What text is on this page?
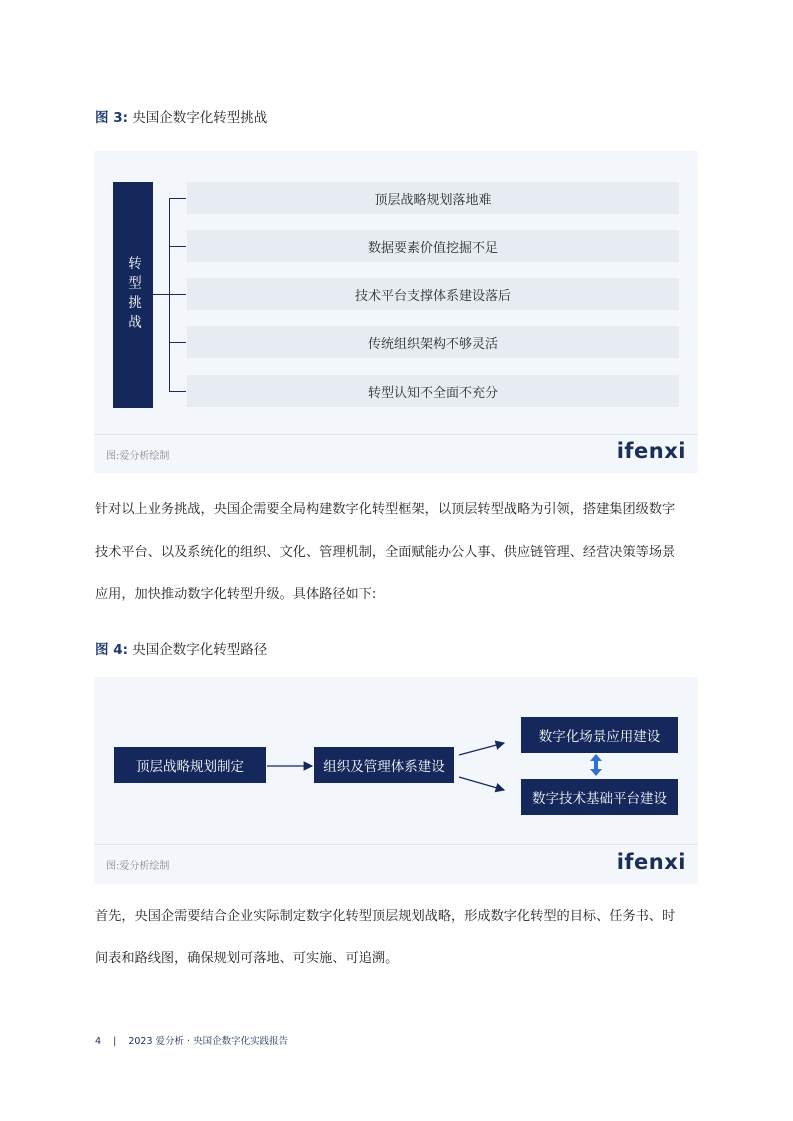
图 3: 央国企数字化转型挑战
转型挑战
顶层战略规划落地难
数据要素价值挖掘不足
技术平台支撑体系建设落后
传统组织架构不够灵活
转型认知不全面不充分
图:爱分析绘制	ifenxi
针对以上业务挑战，央国企需要全局构建数字化转型框架，以顶层转型战略为引领，搭建集团级数字
技术平台、以及系统化的组织、文化、管理机制，全面赋能办公人事、供应链管理、经营决策等场景
应用，加快推动数字化转型升级。具体路径如下:
图 4: 央国企数字化转型路径
顶层战略规划制定	组织及管理体系建设
数字化场景应用建设
数字技术基础平台建设
图:爱分析绘制	ifenxi
首先，央国企需要结合企业实际制定数字化转型顶层规划战略，形成数字化转型的目标、任务书、时
间表和路线图，确保规划可落地、可实施、可追溯。
4 | 2023 爱分析 · 央国企数字化实践报告
